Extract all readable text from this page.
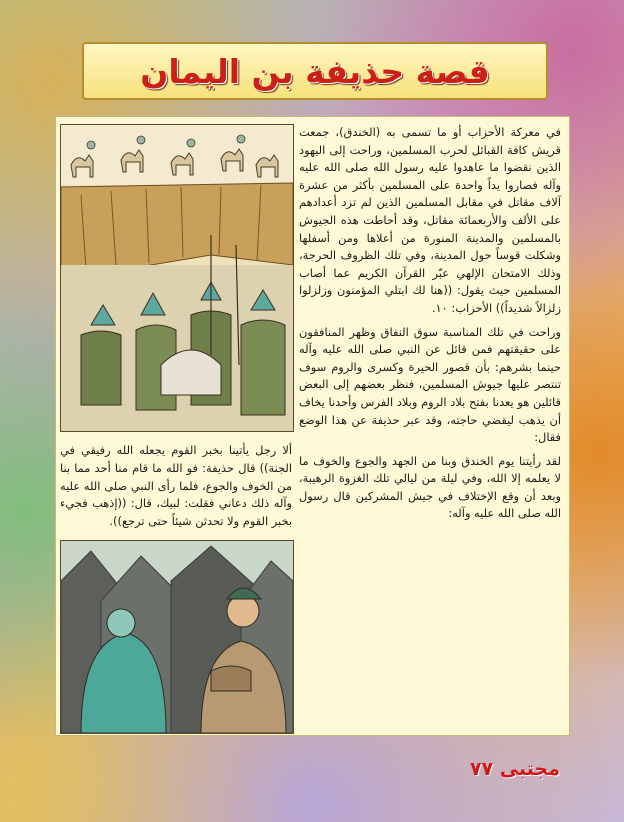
قصة حذيفة بن اليمان
ألا رجل يأتينا بخبر القوم يجعله الله رفيقي في الجنة)) قال حذيفة: فو الله ما قام منا أحد مما بنا من الخوف والجوع، فلما رأى النبي صلى الله عليه وآله ذلك دعاني فقلت: لبيك، قال: ((إذهب فجيء بخبر القوم ولا تحدثن شيئاً حتى ترجع)).

في معركة الأحزاب أو ما تسمى به (الخندق)، جمعت قريش كافة القبائل لحرب المسلمين، وراحت إلى اليهود الذين نقضوا ما عاهدوا عليه رسول الله صلى الله عليه وآله فصاروا يداً واحدة على المسلمين بأكثر من عشرة آلاف مقاتل في مقابل المسلمين الذين لم تزد أعدادهم على الألف والأربعمائة مقاتل، وقد أحاطت هذه الجيوش بالمسلمين والمدينة المنورة من أعلاها ومن أسفلها وشكلت قوساً حول المدينة، وفي تلك الظروف الحرجة، وذلك الامتحان الإلهي عبّر القرآن الكريم عما أصاب المسلمين حيث يقول: ((هنا لك ابتلي المؤمنون وزلزلوا زلزالاً شديداً)) الأحزاب: ١٠.

وراحت في تلك المناسبة سوق النفاق وظهر المنافقون على حقيقتهم فمن قائل عن النبي صلى الله عليه وآله حينما بشرهم: بأن قصور الحيرة وكسرى والروم سوف تنتصر عليها جيوش المسلمين، فنظر بعضهم إلى البعض قائلين هو يعدنا بفتح بلاد الروم وبلاد الفرس وأحدنا يخاف أن يذهب ليقضي حاجته، وقد عبر حذيفة عن هذا الوضع فقال:

لقد رأيتنا يوم الخندق وبنا من الجهد والجوع والخوف ما لا يعلمه إلا الله، وفي ليلة من ليالي تلك الغزوة الرهيبة، وبعد أن وقع الإختلاف في جيش المشركين قال رسول الله صلى الله عليه وآله:

مجتبى ٧٧
